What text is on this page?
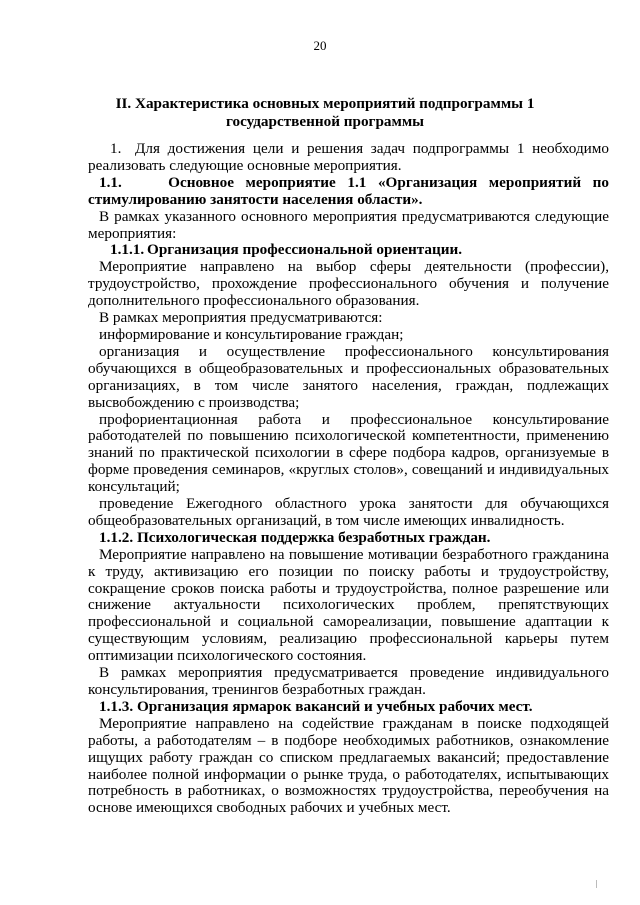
20
II. Характеристика основных мероприятий подпрограммы 1
государственной программы

1. Для достижения цели и решения задач подпрограммы 1 необходимо реализовать следующие основные мероприятия.

1.1.	Основное мероприятие 1.1 «Организация мероприятий по стимулированию занятости населения области».

В рамках указанного основного мероприятия предусматриваются следующие мероприятия:

1.1.1. Организация профессиональной ориентации.

Мероприятие направлено на выбор сферы деятельности (профессии), трудоустройство, прохождение профессионального обучения и получение дополнительного профессионального образования.

В рамках мероприятия предусматриваются:

информирование и консультирование граждан;

организация и осуществление профессионального консультирования обучающихся в общеобразовательных и профессиональных образовательных организациях, в том числе занятого населения, граждан, подлежащих высвобождению с производства;

профориентационная работа и профессиональное консультирование работодателей по повышению психологической компетентности, применению знаний по практической психологии в сфере подбора кадров, организуемые в форме проведения семинаров, «круглых столов», совещаний и индивидуальных консультаций;

проведение Ежегодного областного урока занятости для обучающихся общеобразовательных организаций, в том числе имеющих инвалидность.

1.1.2. Психологическая поддержка безработных граждан.

Мероприятие направлено на повышение мотивации безработного гражданина к труду, активизацию его позиции по поиску работы и трудоустройству, сокращение сроков поиска работы и трудоустройства, полное разрешение или снижение актуальности психологических проблем, препятствующих профессиональной и социальной самореализации, повышение адаптации к существующим условиям, реализацию профессиональной карьеры путем оптимизации психологического состояния.

В рамках мероприятия предусматривается проведение индивидуального консультирования, тренингов безработных граждан.

1.1.3. Организация ярмарок вакансий и учебных рабочих мест.

Мероприятие направлено на содействие гражданам в поиске подходящей работы, а работодателям – в подборе необходимых работников, ознакомление ищущих работу граждан со списком предлагаемых вакансий; предоставление наиболее полной информации о рынке труда, о работодателях, испытывающих потребность в работниках, о возможностях трудоустройства, переобучения на основе имеющихся свободных рабочих и учебных мест.
